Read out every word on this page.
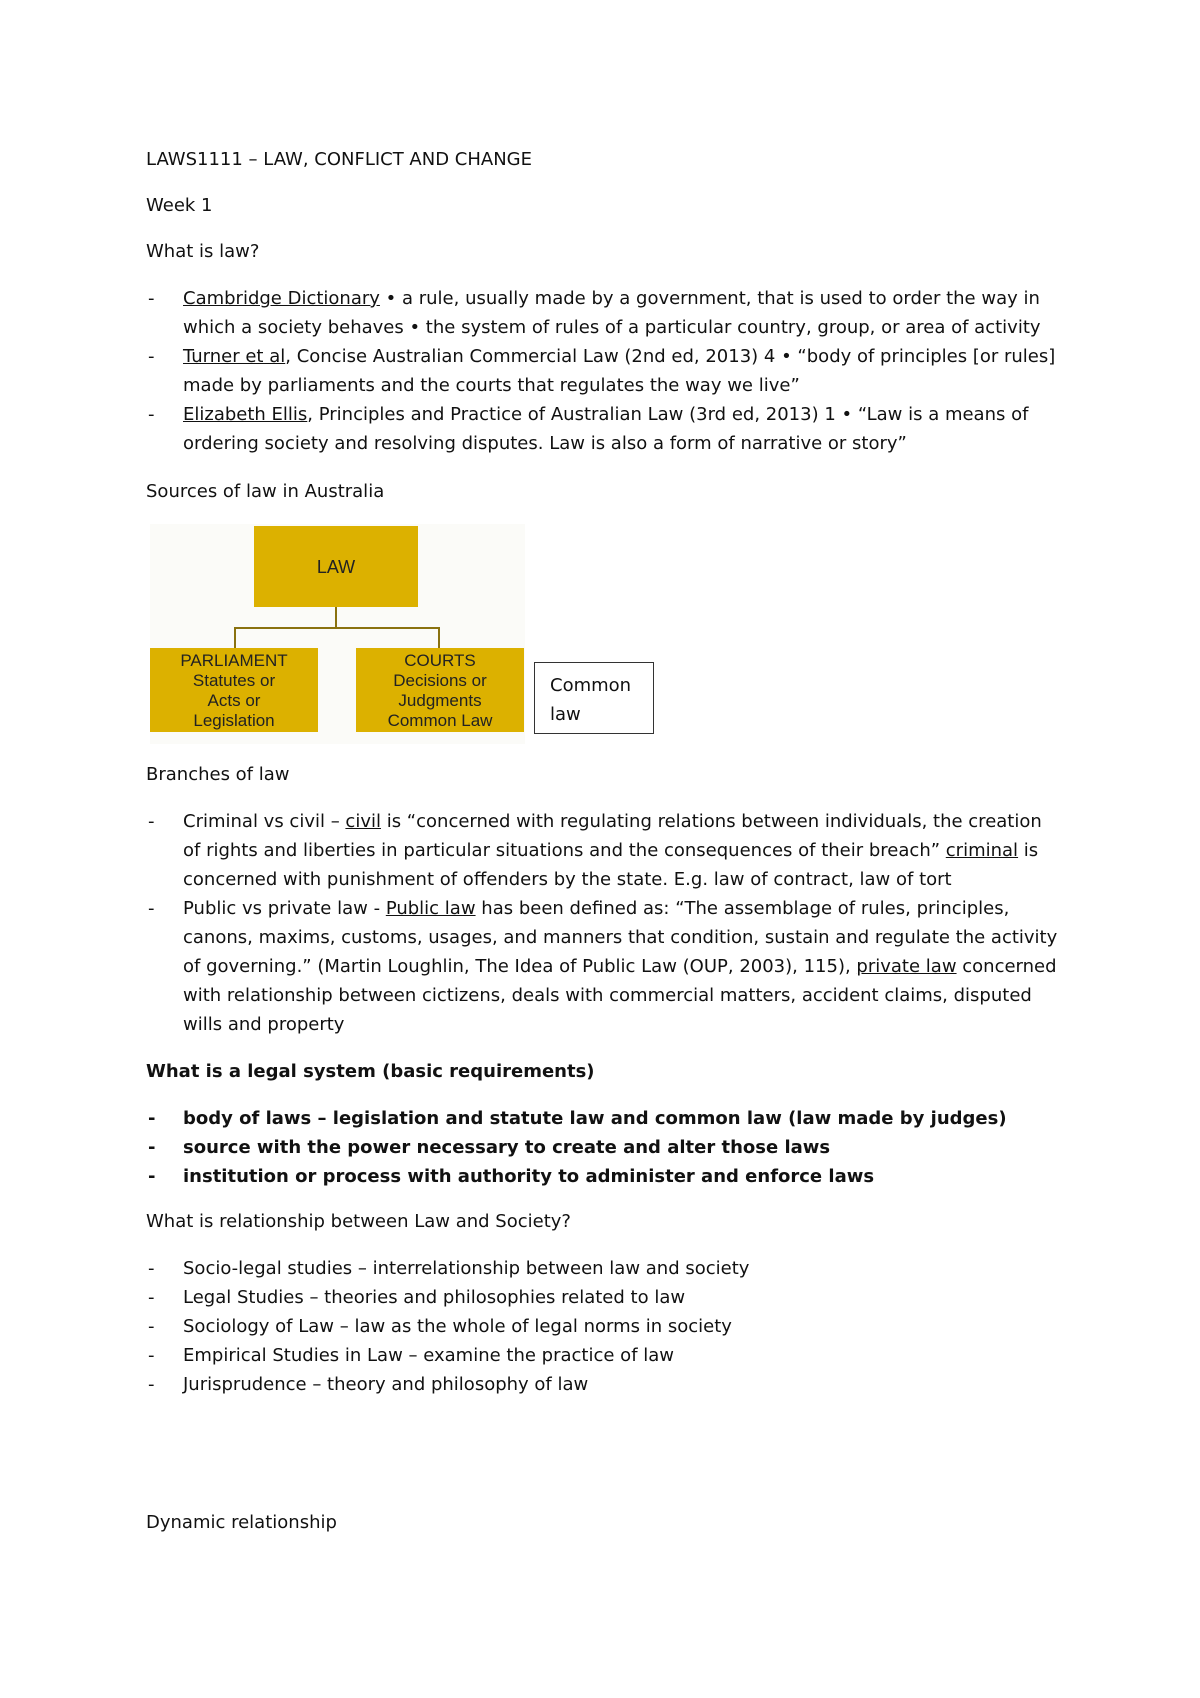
LAWS1111 – LAW, CONFLICT AND CHANGE

Week 1

What is law?

- Cambridge Dictionary • a rule, usually made by a government, that is used to order the way in
which a society behaves • the system of rules of a particular country, group, or area of activity
- Turner et al, Concise Australian Commercial Law (2nd ed, 2013) 4 • “body of principles [or rules]
made by parliaments and the courts that regulates the way we live”
- Elizabeth Ellis, Principles and Practice of Australian Law (3rd ed, 2013) 1 • “Law is a means of
ordering society and resolving disputes. Law is also a form of narrative or story”

Sources of law in Australia

LAW
PARLIAMENT
Statutes or
Acts or
Legislation
COURTS
Decisions or
Judgments
Common Law
Common
law

Branches of law

- Criminal vs civil – civil is “concerned with regulating relations between individuals, the creation
of rights and liberties in particular situations and the consequences of their breach” criminal is
concerned with punishment of offenders by the state. E.g. law of contract, law of tort
- Public vs private law - Public law has been defined as: “The assemblage of rules, principles,
canons, maxims, customs, usages, and manners that condition, sustain and regulate the activity
of governing.” (Martin Loughlin, The Idea of Public Law (OUP, 2003), 115), private law concerned
with relationship between cictizens, deals with commercial matters, accident claims, disputed
wills and property

What is a legal system (basic requirements)

- body of laws – legislation and statute law and common law (law made by judges)
- source with the power necessary to create and alter those laws
- institution or process with authority to administer and enforce laws

What is relationship between Law and Society?

- Socio-legal studies – interrelationship between law and society
- Legal Studies – theories and philosophies related to law
- Sociology of Law – law as the whole of legal norms in society
- Empirical Studies in Law – examine the practice of law
- Jurisprudence – theory and philosophy of law

Dynamic relationship
